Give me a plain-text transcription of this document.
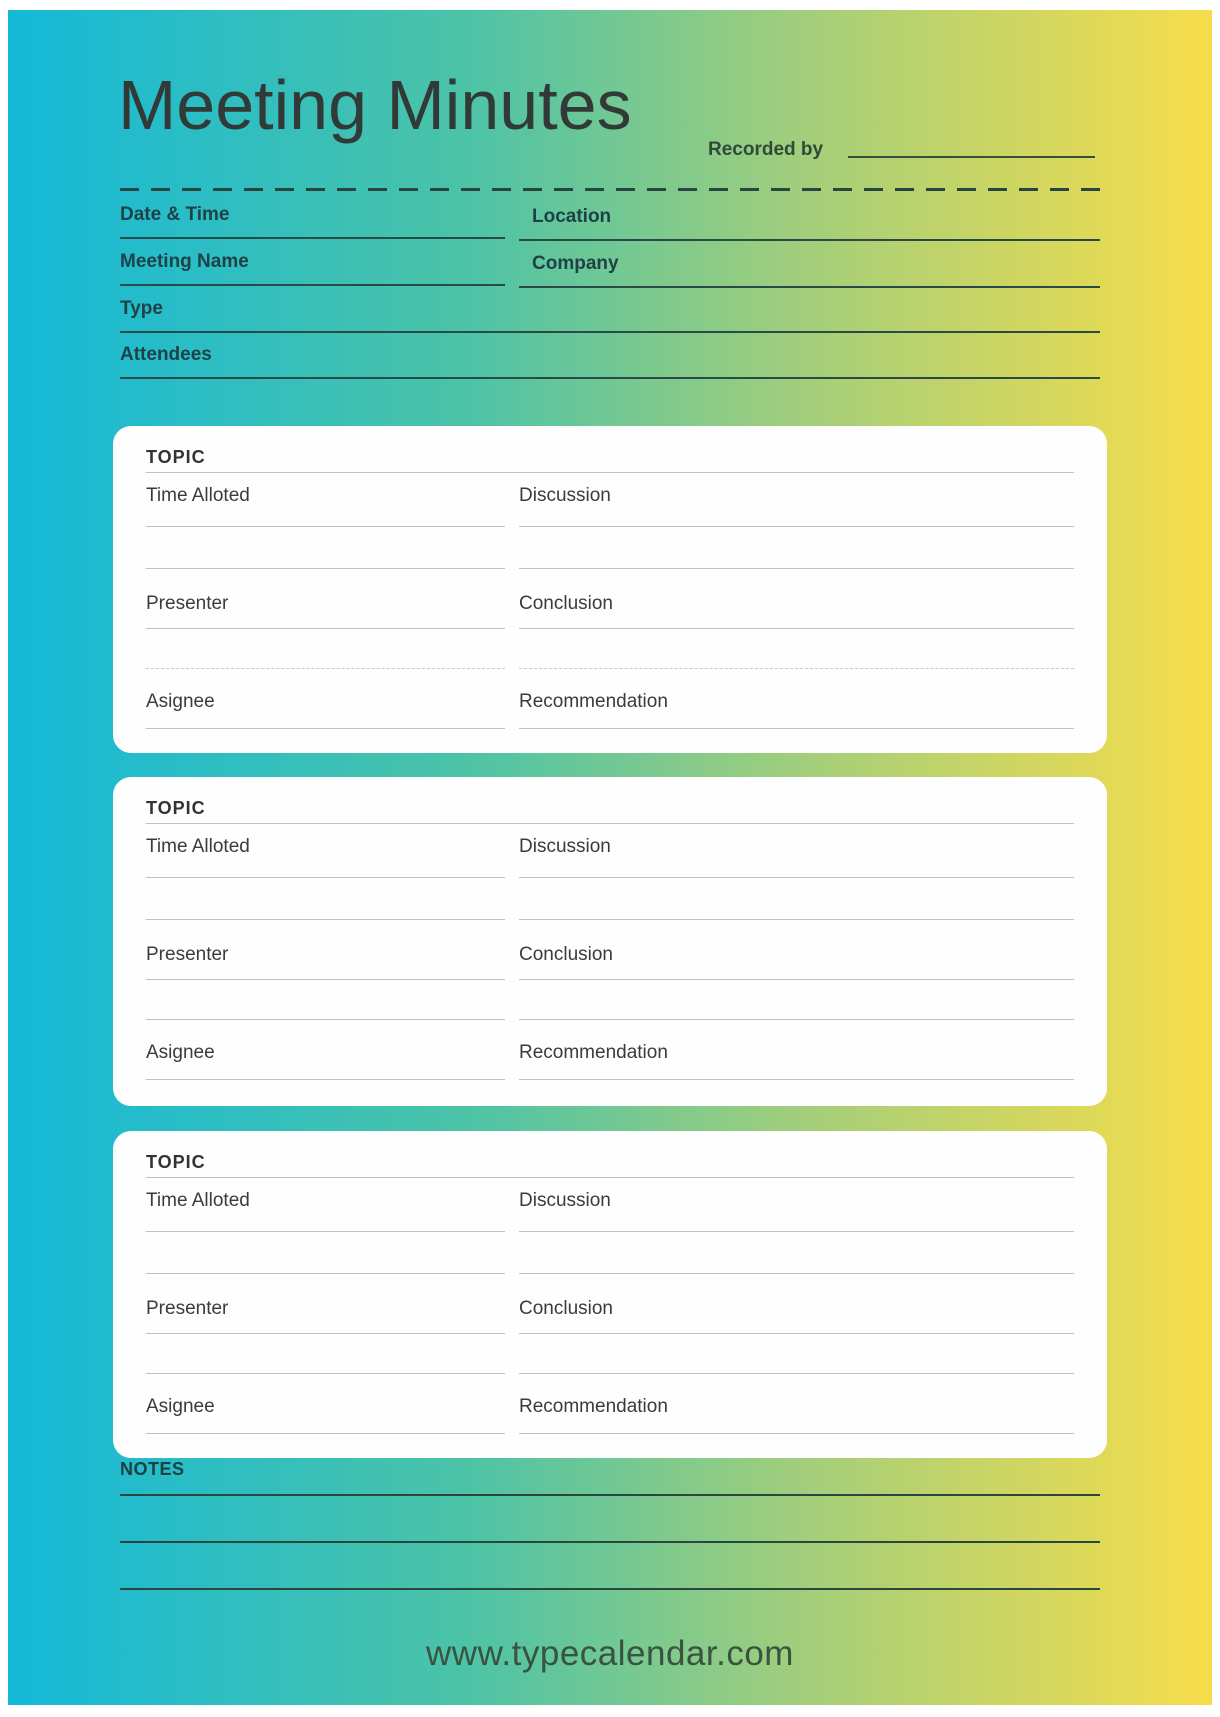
Meeting Minutes
Recorded by
Date & Time	Location
Meeting Name	Company
Type
Attendees
TOPIC
Time Alloted	Discussion
Presenter	Conclusion
Asignee	Recommendation
TOPIC
Time Alloted	Discussion
Presenter	Conclusion
Asignee	Recommendation
TOPIC
Time Alloted	Discussion
Presenter	Conclusion
Asignee	Recommendation
NOTES
www.typecalendar.com
